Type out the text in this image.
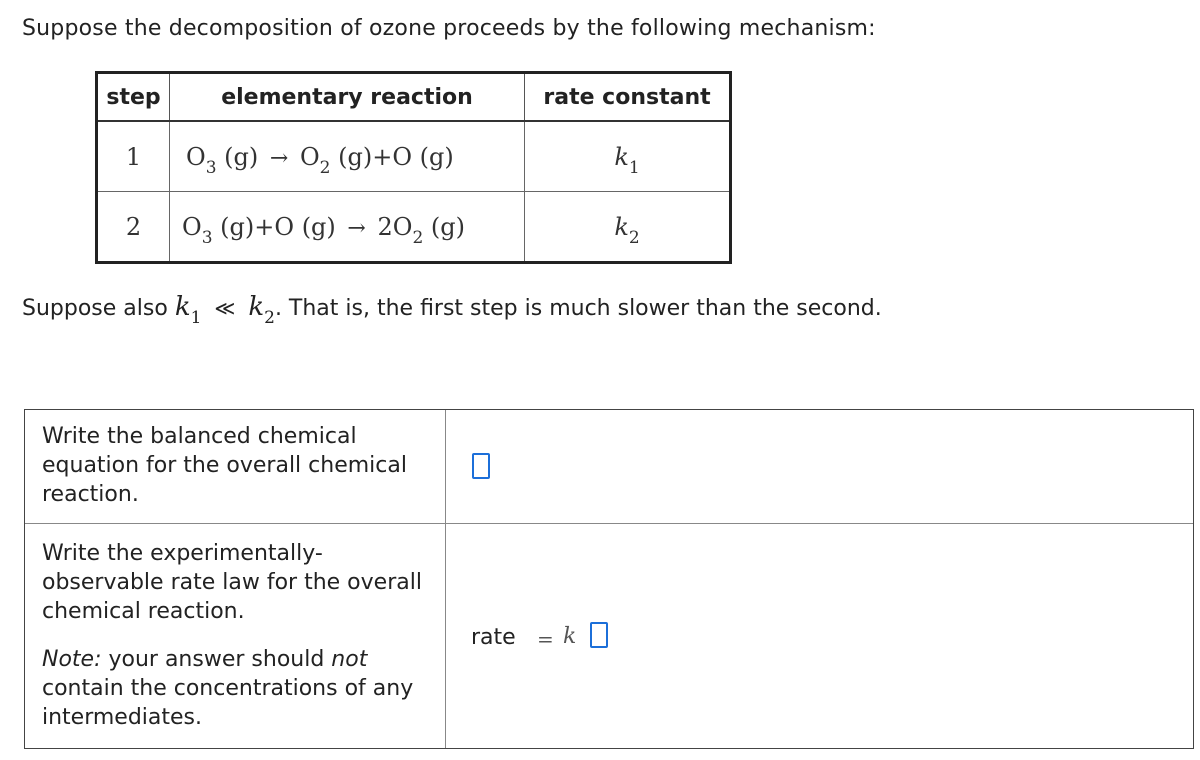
Suppose the decomposition of ozone proceeds by the following mechanism:
step	elementary reaction	rate constant
1	$O_3$ $(g) \to O_2$ (g)+O (g)	$k_1$
2	$O_3$ (g)+O $(g) \to 2O_2$ (g)	$k_2$
Suppose also $k_1$ ≪ $k_2$. That is, the first step is much slower than the second.
Write the balanced chemical equation for the overall chemical reaction.
Write the experimentally-observable rate law for the overall chemical reaction.
Note: your answer should not contain the concentrations of any intermediates.
rate = k
